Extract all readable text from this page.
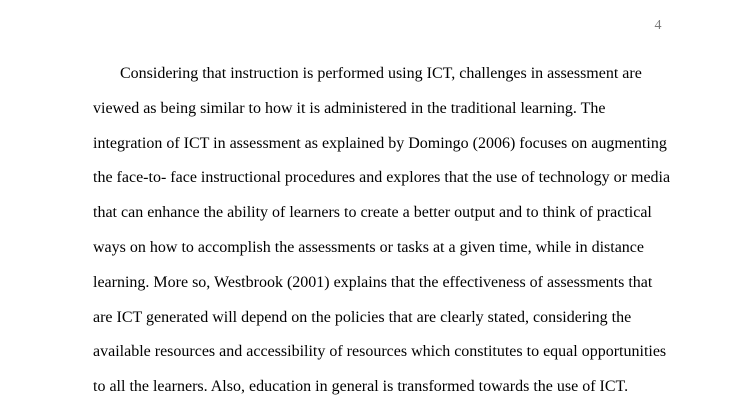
4
Considering that instruction is performed using ICT, challenges in assessment are
viewed as being similar to how it is administered in the traditional learning. The
integration of ICT in assessment as explained by Domingo (2006) focuses on augmenting
the face-to- face instructional procedures and explores that the use of technology or media
that can enhance the ability of learners to create a better output and to think of practical
ways on how to accomplish the assessments or tasks at a given time, while in distance
learning. More so, Westbrook (2001) explains that the effectiveness of assessments that
are ICT generated will depend on the policies that are clearly stated, considering the
available resources and accessibility of resources which constitutes to equal opportunities
to all the learners. Also, education in general is transformed towards the use of ICT.
